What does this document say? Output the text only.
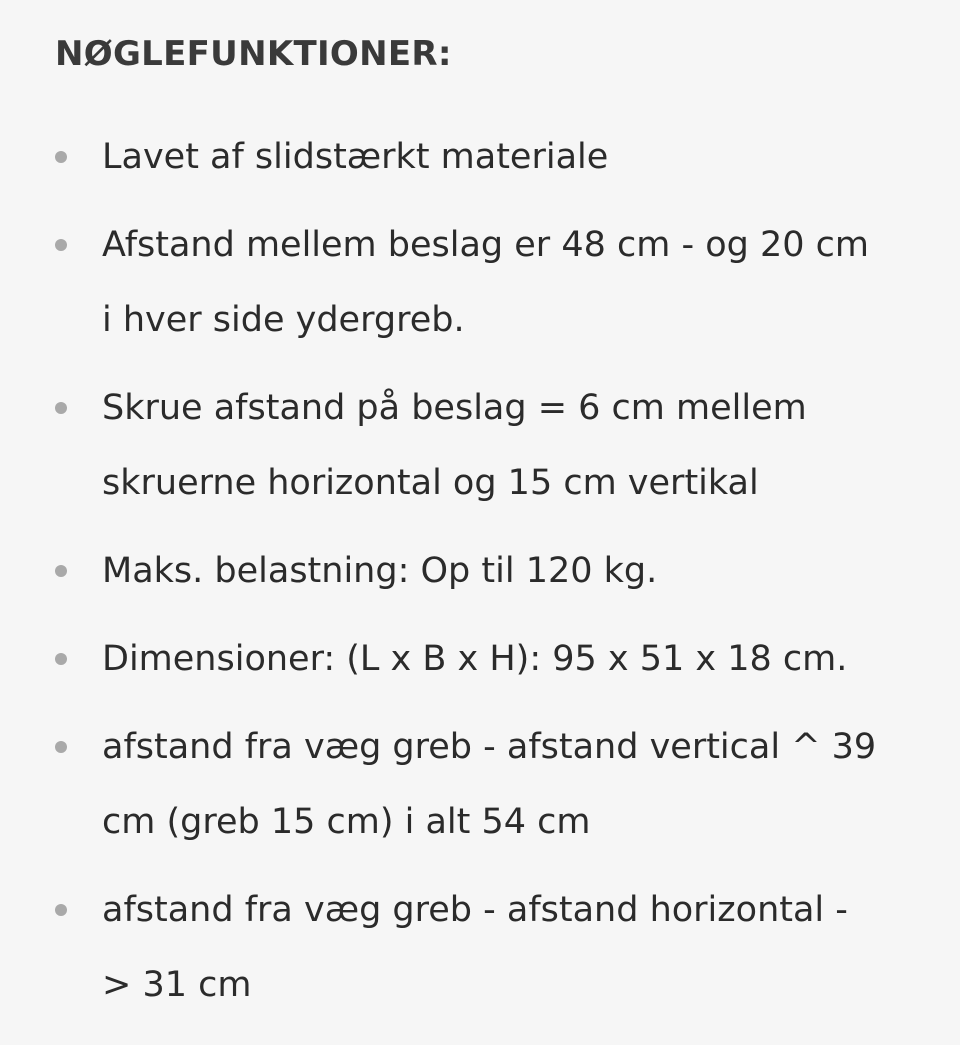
NØGLEFUNKTIONER:
Lavet af slidstærkt materiale
Afstand mellem beslag er 48 cm - og 20 cm
i hver side ydergreb.
Skrue afstand på beslag = 6 cm mellem
skruerne horizontal og 15 cm vertikal
Maks. belastning: Op til 120 kg.
Dimensioner: (L x B x H): 95 x 51 x 18 cm.
afstand fra væg greb - afstand vertical ^ 39
cm (greb 15 cm) i alt 54 cm
afstand fra væg greb - afstand horizontal -
> 31 cm
